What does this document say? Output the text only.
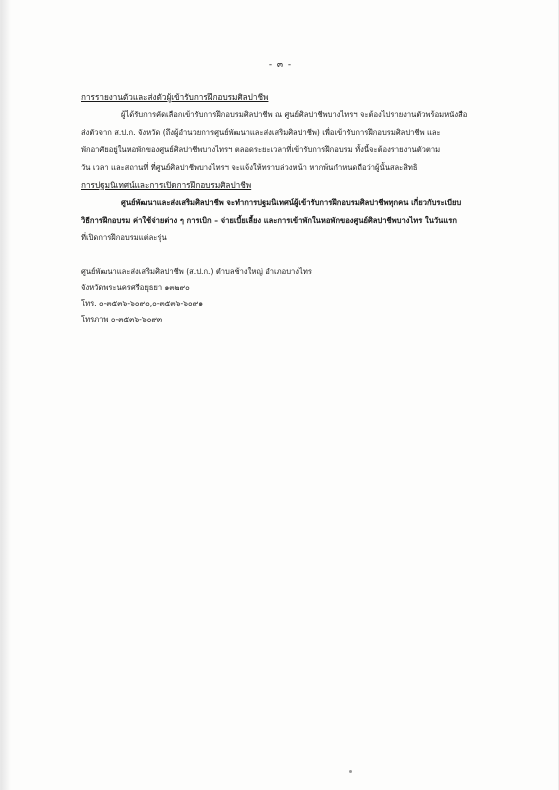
- ๓ -
การรายงานตัวและส่งตัวผู้เข้ารับการฝึกอบรมศิลปาชีพ
ผู้ได้รับการคัดเลือกเข้ารับการฝึกอบรมศิลปาชีพ ณ ศูนย์ศิลปาชีพบางไทรฯ จะต้องไปรายงานตัวพร้อมหนังสือ
ส่งตัวจาก ส.ป.ก. จังหวัด (ถึงผู้อำนวยการศูนย์พัฒนาและส่งเสริมศิลปาชีพ) เพื่อเข้ารับการฝึกอบรมศิลปาชีพ และ
พักอาศัยอยู่ในหอพักของศูนย์ศิลปาชีพบางไทรฯ ตลอดระยะเวลาที่เข้ารับการฝึกอบรม ทั้งนี้จะต้องรายงานตัวตาม
วัน เวลา และสถานที่ ที่ศูนย์ศิลปาชีพบางไทรฯ จะแจ้งให้ทราบล่วงหน้า หากพ้นกำหนดถือว่าผู้นั้นสละสิทธิ
การปฐมนิเทศน์และการเปิดการฝึกอบรมศิลปาชีพ
ศูนย์พัฒนาและส่งเสริมศิลปาชีพ จะทำการปฐมนิเทศน์ผู้เข้ารับการฝึกอบรมศิลปาชีพทุกคน เกี่ยวกับระเบียบ
วิธีการฝึกอบรม ค่าใช้จ่ายต่าง ๆ การเบิก – จ่ายเบี้ยเลี้ยง และการเข้าพักในหอพักของศูนย์ศิลปาชีพบางไทร ในวันแรก
ที่เปิดการฝึกอบรมแต่ละรุ่น
ศูนย์พัฒนาและส่งเสริมศิลปาชีพ (ส.ป.ก.) ตำบลช้างใหญ่ อำเภอบางไทร
จังหวัดพระนครศรีอยุธยา ๑๓๒๙๐
โทร. ๐-๓๕๓๖-๖๐๙๐,๐-๓๕๓๖-๖๐๙๑
โทรภาพ ๐-๓๕๓๖-๖๐๙๓
